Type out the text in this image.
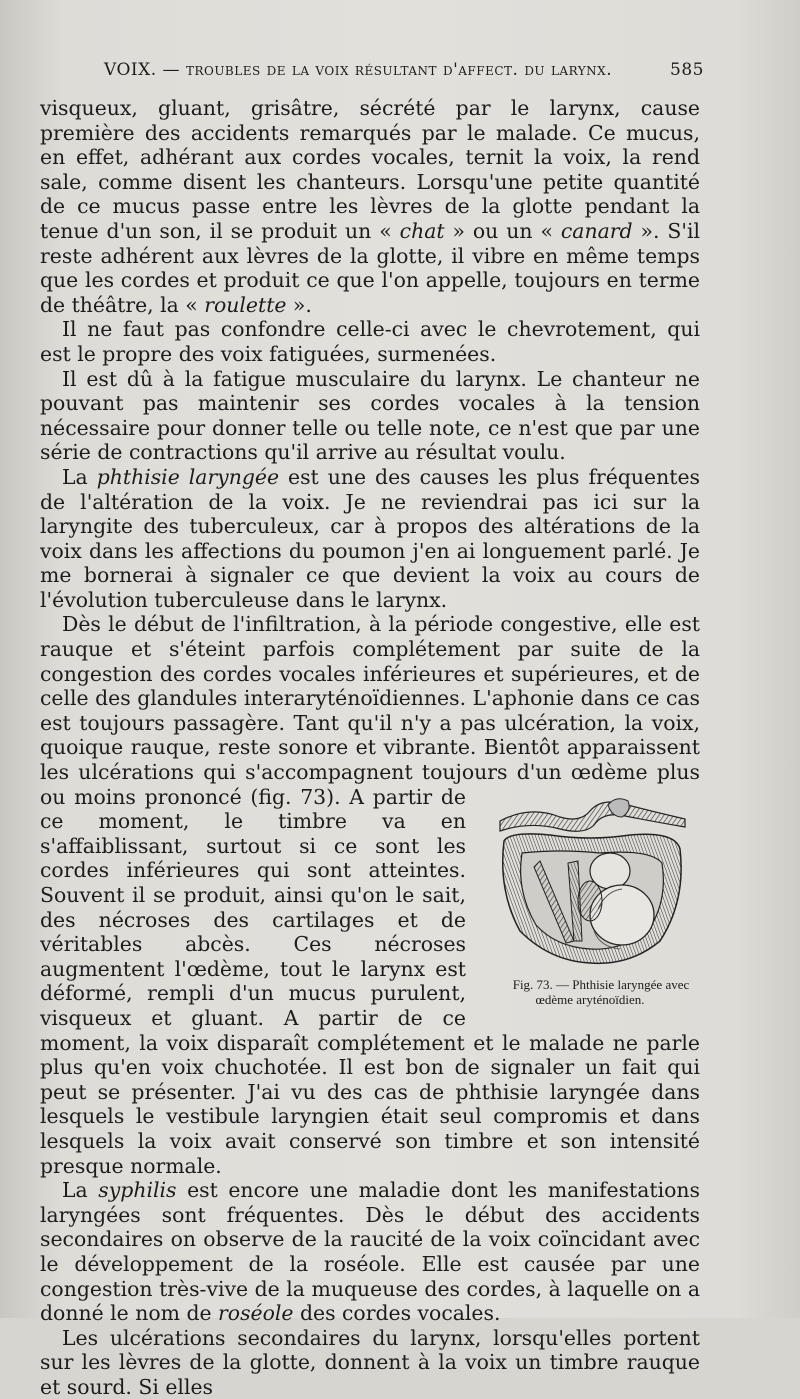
VOIX. — troubles de la voix résultant d'affect. du larynx.	585

visqueux, gluant, grisâtre, sécrété par le larynx, cause première des accidents remarqués par le malade. Ce mucus, en effet, adhérant aux cordes vocales, ternit la voix, la rend sale, comme disent les chanteurs. Lorsqu'une petite quantité de ce mucus passe entre les lèvres de la glotte pendant la tenue d'un son, il se produit un « chat » ou un « canard ». S'il reste adhérent aux lèvres de la glotte, il vibre en même temps que les cordes et produit ce que l'on appelle, toujours en terme de théâtre, la « roulette ».

Il ne faut pas confondre celle-ci avec le chevrotement, qui est le propre des voix fatiguées, surmenées.

Il est dû à la fatigue musculaire du larynx. Le chanteur ne pouvant pas maintenir ses cordes vocales à la tension nécessaire pour donner telle ou telle note, ce n'est que par une série de contractions qu'il arrive au résultat voulu.

La phthisie laryngée est une des causes les plus fréquentes de l'altération de la voix. Je ne reviendrai pas ici sur la laryngite des tuberculeux, car à propos des altérations de la voix dans les affections du poumon j'en ai longuement parlé. Je me bornerai à signaler ce que devient la voix au cours de l'évolution tuberculeuse dans le larynx.

Dès le début de l'infiltration, à la période congestive, elle est rauque et s'éteint parfois complétement par suite de la congestion des cordes vocales inférieures et supérieures, et de celle des glandules interaryténoïdiennes. L'aphonie dans ce cas est toujours passagère. Tant qu'il n'y a pas ulcération, la voix, quoique rauque, reste sonore et vibrante. Bientôt apparaissent les ulcérations qui s'accompagnent toujours d'un œdème plus ou moins prononcé (fig. 73). A partir
Fig. 73. — Phthisie laryngée avec œdème aryténoïdien.
de ce moment, le timbre va en s'affaiblissant, surtout si ce sont les cordes inférieures qui sont atteintes. Souvent il se produit, ainsi qu'on le sait, des nécroses des cartilages et de véritables abcès. Ces nécroses augmentent l'œdème, tout le larynx est déformé, rempli d'un mucus purulent, visqueux et gluant. A partir de ce moment, la voix disparaît complétement et le malade ne parle plus qu'en voix chuchotée. Il est bon de signaler un fait qui peut se présenter. J'ai vu des cas de phthisie laryngée dans lesquels le vestibule laryngien était seul compromis et dans lesquels la voix avait conservé son timbre et son intensité presque normale.

La syphilis est encore une maladie dont les manifestations laryngées sont fréquentes. Dès le début des accidents secondaires on observe de la raucité de la voix coïncidant avec le développement de la roséole. Elle est causée par une congestion très-vive de la muqueuse des cordes, à laquelle on a donné le nom de roséole des cordes vocales.

Les ulcérations secondaires du larynx, lorsqu'elles portent sur les lèvres de la glotte, donnent à la voix un timbre rauque et sourd. Si elles
